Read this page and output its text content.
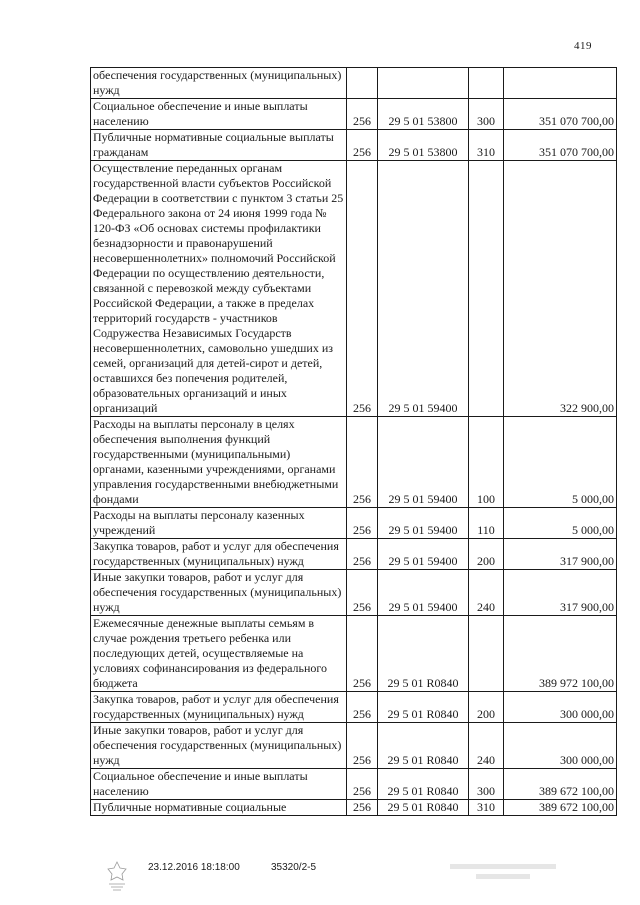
419
обеспечения государственных (муниципальных) нужд				
Социальное обеспечение и иные выплаты населению	256	29 5 01 53800	300	351 070 700,00
Публичные нормативные социальные выплаты гражданам	256	29 5 01 53800	310	351 070 700,00
Осуществление переданных органам государственной власти субъектов Российской Федерации в соответствии с пунктом 3 статьи 25 Федерального закона от 24 июня 1999 года № 120-ФЗ «Об основах системы профилактики безнадзорности и правонарушений несовершеннолетних» полномочий Российской Федерации по осуществлению деятельности, связанной с перевозкой между субъектами Российской Федерации, а также в пределах территорий государств - участников Содружества Независимых Государств несовершеннолетних, самовольно ушедших из семей, организаций для детей-сирот и детей, оставшихся без попечения родителей, образовательных организаций и иных организаций	256	29 5 01 59400		322 900,00
Расходы на выплаты персоналу в целях обеспечения выполнения функций государственными (муниципальными) органами, казенными учреждениями, органами управления государственными внебюджетными фондами	256	29 5 01 59400	100	5 000,00
Расходы на выплаты персоналу казенных учреждений	256	29 5 01 59400	110	5 000,00
Закупка товаров, работ и услуг для обеспечения государственных (муниципальных) нужд	256	29 5 01 59400	200	317 900,00
Иные закупки товаров, работ и услуг для обеспечения государственных (муниципальных) нужд	256	29 5 01 59400	240	317 900,00
Ежемесячные денежные выплаты семьям в случае рождения третьего ребенка или последующих детей, осуществляемые на условиях софинансирования из федерального бюджета	256	29 5 01 R0840		389 972 100,00
Закупка товаров, работ и услуг для обеспечения государственных (муниципальных) нужд	256	29 5 01 R0840	200	300 000,00
Иные закупки товаров, работ и услуг для обеспечения государственных (муниципальных) нужд	256	29 5 01 R0840	240	300 000,00
Социальное обеспечение и иные выплаты населению	256	29 5 01 R0840	300	389 672 100,00
Публичные нормативные социальные	256	29 5 01 R0840	310	389 672 100,00
23.12.2016 18:18:00	35320/2-5
